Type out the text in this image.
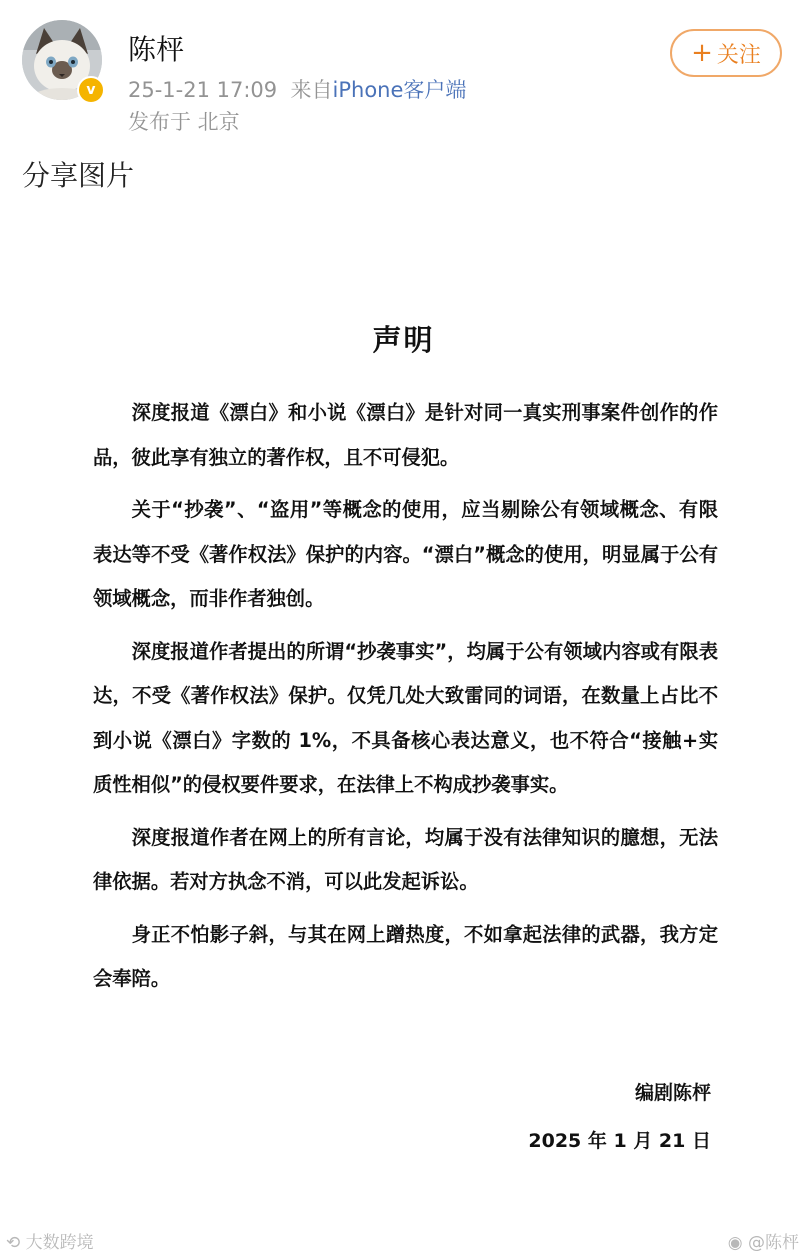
v
陈枰
25-1-21 17:09 来自iPhone客户端
发布于 北京
+ 关注
分享图片
声明

深度报道《漂白》和小说《漂白》是针对同一真实刑事案件创作的作品，彼此享有独立的著作权，且不可侵犯。

关于“抄袭”、“盗用”等概念的使用，应当剔除公有领域概念、有限表达等不受《著作权法》保护的内容。“漂白”概念的使用，明显属于公有领域概念，而非作者独创。

深度报道作者提出的所谓“抄袭事实”，均属于公有领域内容或有限表达，不受《著作权法》保护。仅凭几处大致雷同的词语，在数量上占比不到小说《漂白》字数的 1%，不具备核心表达意义，也不符合“接触+实质性相似”的侵权要件要求，在法律上不构成抄袭事实。

深度报道作者在网上的所有言论，均属于没有法律知识的臆想，无法律依据。若对方执念不消，可以此发起诉讼。

身正不怕影子斜，与其在网上蹭热度，不如拿起法律的武器，我方定会奉陪。

编剧陈枰
2025 年 1 月 21 日
⟲ 大数跨境	◉ @陈枰
